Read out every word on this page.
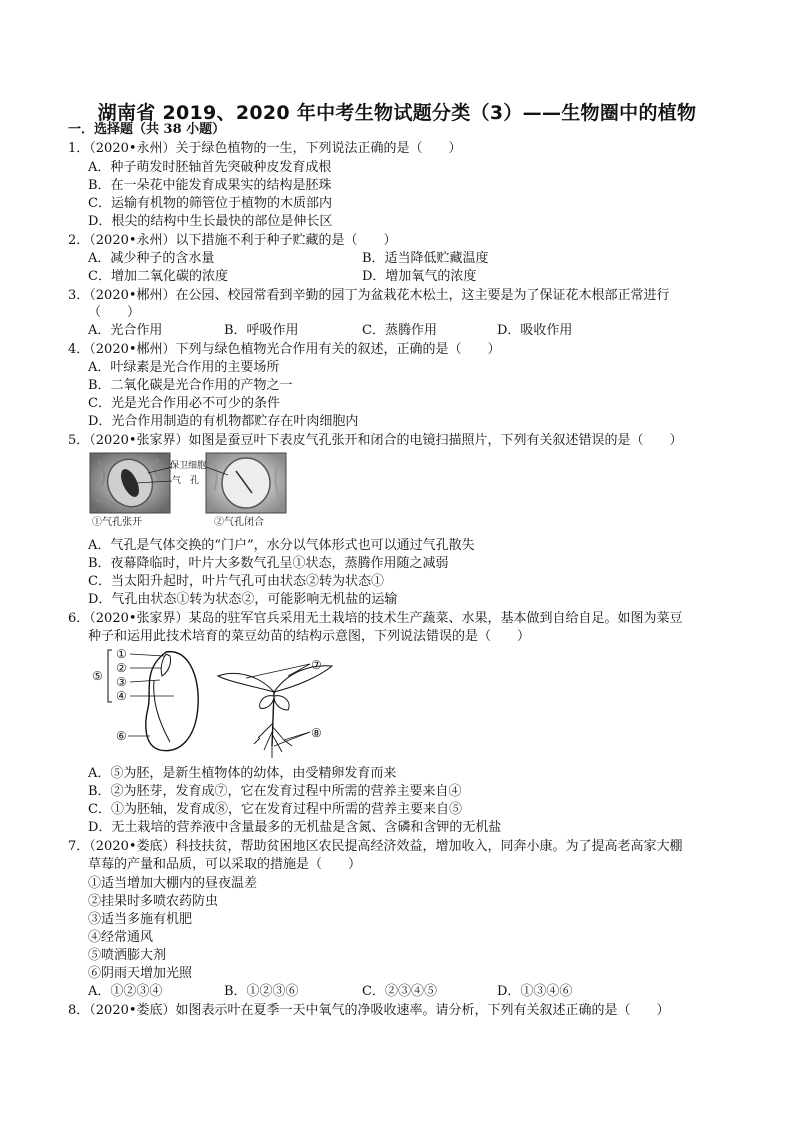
湖南省 2019、2020 年中考生物试题分类（3）——生物圈中的植物
一．选择题（共 38 小题）
1．（2020•永州）关于绿色植物的一生，下列说法正确的是（　　）
A．种子萌发时胚轴首先突破种皮发育成根
B．在一朵花中能发育成果实的结构是胚珠
C．运输有机物的筛管位于植物的木质部内
D．根尖的结构中生长最快的部位是伸长区
2．（2020•永州）以下措施不利于种子贮藏的是（　　）
A．减少种子的含水量	B．适当降低贮藏温度
C．增加二氧化碳的浓度	D．增加氧气的浓度
3．（2020•郴州）在公园、校园常看到辛勤的园丁为盆栽花木松土，这主要是为了保证花木根部正常进行
（　　）
A．光合作用	B．呼吸作用	C．蒸腾作用	D．吸收作用
4．（2020•郴州）下列与绿色植物光合作用有关的叙述，正确的是（　　）
A．叶绿素是光合作用的主要场所
B．二氧化碳是光合作用的产物之一
C．光是光合作用必不可少的条件
D．光合作用制造的有机物都贮存在叶肉细胞内
5．（2020•张家界）如图是蚕豆叶下表皮气孔张开和闭合的电镜扫描照片，下列有关叙述错误的是（　　）
保卫细胞
气　孔
①气孔张开	②气孔闭合
A．气孔是气体交换的“门户”，水分以气体形式也可以通过气孔散失
B．夜幕降临时，叶片大多数气孔呈①状态，蒸腾作用随之减弱
C．当太阳升起时，叶片气孔可由状态②转为状态①
D．气孔由状态①转为状态②，可能影响无机盐的运输
6．（2020•张家界）某岛的驻军官兵采用无土栽培的技术生产蔬菜、水果，基本做到自给自足。如图为菜豆
种子和运用此技术培育的菜豆幼苗的结构示意图，下列说法错误的是（　　）
①
②
③
④
⑤
⑥
⑦
⑧
A．⑤为胚，是新生植物体的幼体，由受精卵发育而来
B．②为胚芽，发育成⑦，它在发育过程中所需的营养主要来自④
C．①为胚轴，发育成⑧，它在发育过程中所需的营养主要来自⑤
D．无土栽培的营养液中含量最多的无机盐是含氮、含磷和含钾的无机盐
7．（2020•娄底）科技扶贫，帮助贫困地区农民提高经济效益，增加收入，同奔小康。为了提高老高家大棚
草莓的产量和品质，可以采取的措施是（　　）
①适当增加大棚内的昼夜温差
②挂果时多喷农药防虫
③适当多施有机肥
④经常通风
⑤喷洒膨大剂
⑥阴雨天增加光照
A．①②③④	B．①②③⑥	C．②③④⑤	D．①③④⑥
8．（2020•娄底）如图表示叶在夏季一天中氧气的净吸收速率。请分析，下列有关叙述正确的是（　　）
